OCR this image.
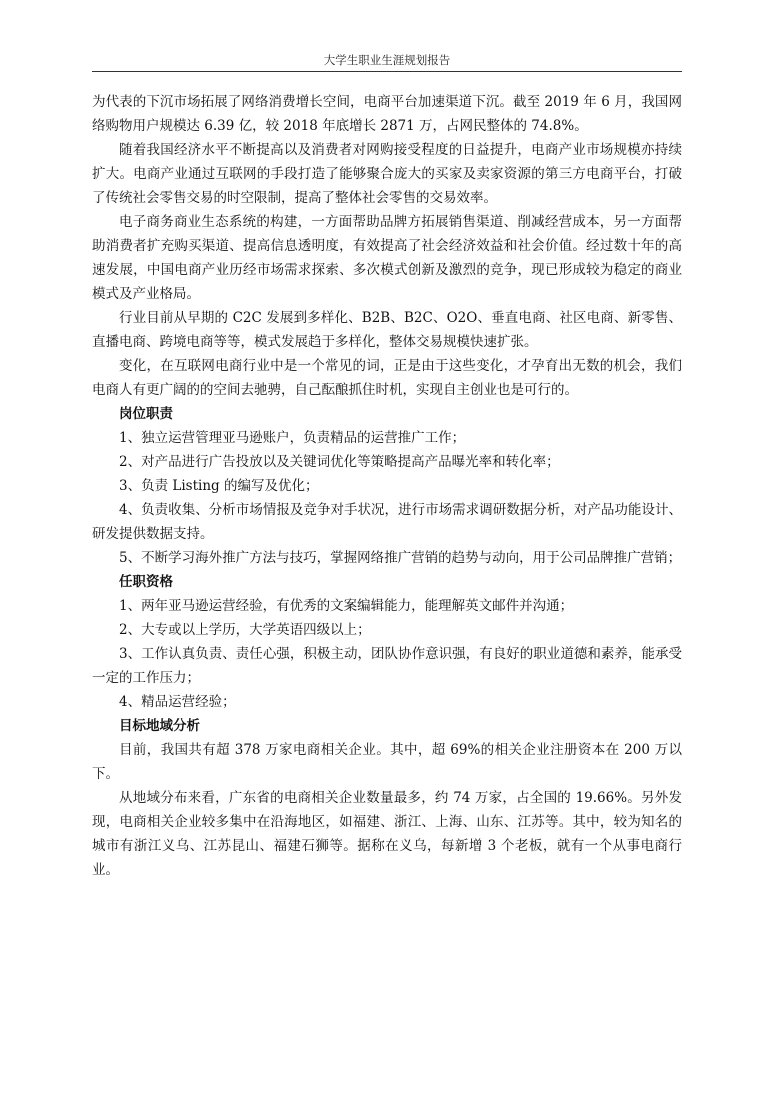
大学生职业生涯规划报告

为代表的下沉市场拓展了网络消费增长空间，电商平台加速渠道下沉。截至 2019 年 6 月，我国网络购物用户规模达 6.39 亿，较 2018 年底增长 2871 万，占网民整体的 74.8%。

随着我国经济水平不断提高以及消费者对网购接受程度的日益提升，电商产业市场规模亦持续扩大。电商产业通过互联网的手段打造了能够聚合庞大的买家及卖家资源的第三方电商平台，打破了传统社会零售交易的时空限制，提高了整体社会零售的交易效率。

电子商务商业生态系统的构建，一方面帮助品牌方拓展销售渠道、削减经营成本，另一方面帮助消费者扩充购买渠道、提高信息透明度，有效提高了社会经济效益和社会价值。经过数十年的高速发展，中国电商产业历经市场需求探索、多次模式创新及激烈的竞争，现已形成较为稳定的商业模式及产业格局。

行业目前从早期的 C2C 发展到多样化、B2B、B2C、O2O、垂直电商、社区电商、新零售、直播电商、跨境电商等等，模式发展趋于多样化，整体交易规模快速扩张。

变化，在互联网电商行业中是一个常见的词，正是由于这些变化，才孕育出无数的机会，我们电商人有更广阔的的空间去驰骋，自己酝酿抓住时机，实现自主创业也是可行的。

岗位职责

1、独立运营管理亚马逊账户，负责精品的运营推广工作；

2、对产品进行广告投放以及关键词优化等策略提高产品曝光率和转化率；

3、负责 Listing 的编写及优化；

4、负责收集、分析市场情报及竞争对手状况，进行市场需求调研数据分析，对产品功能设计、研发提供数据支持。

5、不断学习海外推广方法与技巧，掌握网络推广营销的趋势与动向，用于公司品牌推广营销；

任职资格

1、两年亚马逊运营经验，有优秀的文案编辑能力，能理解英文邮件并沟通；

2、大专或以上学历，大学英语四级以上；

3、工作认真负责、责任心强，积极主动，团队协作意识强，有良好的职业道德和素养，能承受一定的工作压力；

4、精品运营经验；

目标地域分析

目前，我国共有超 378 万家电商相关企业。其中，超 69%的相关企业注册资本在 200 万以下。

从地域分布来看，广东省的电商相关企业数量最多，约 74 万家，占全国的 19.66%。另外发现，电商相关企业较多集中在沿海地区，如福建、浙江、上海、山东、江苏等。其中，较为知名的城市有浙江义乌、江苏昆山、福建石狮等。据称在义乌，每新增 3 个老板，就有一个从事电商行业。
